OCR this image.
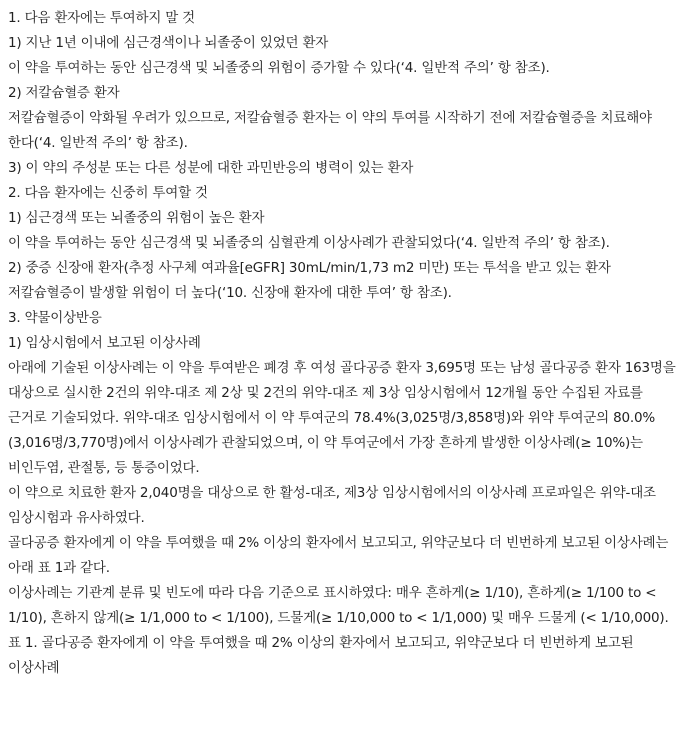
1. 다음 환자에는 투여하지 말 것

1) 지난 1년 이내에 심근경색이나 뇌졸중이 있었던 환자

이 약을 투여하는 동안 심근경색 및 뇌졸중의 위험이 증가할 수 있다(‘4. 일반적 주의’ 항 참조).

2) 저칼슘혈증 환자

저칼슘혈증이 악화될 우려가 있으므로, 저칼슘혈증 환자는 이 약의 투여를 시작하기 전에 저칼슘혈증을 치료해야 한다(‘4. 일반적 주의’ 항 참조).

3) 이 약의 주성분 또는 다른 성분에 대한 과민반응의 병력이 있는 환자

2. 다음 환자에는 신중히 투여할 것

1) 심근경색 또는 뇌졸중의 위험이 높은 환자

이 약을 투여하는 동안 심근경색 및 뇌졸중의 심혈관계 이상사례가 관찰되었다(‘4. 일반적 주의’ 항 참조).

2) 중증 신장애 환자(추정 사구체 여과율[eGFR] 30mL/min/1,73 m2 미만) 또는 투석을 받고 있는 환자 저칼슘혈증이 발생할 위험이 더 높다(‘10. 신장애 환자에 대한 투여’ 항 참조).

3. 약물이상반응

1) 임상시험에서 보고된 이상사례

아래에 기술된 이상사례는 이 약을 투여받은 폐경 후 여성 골다공증 환자 3,695명 또는 남성 골다공증 환자 163명을 대상으로 실시한 2건의 위약-대조 제 2상 및 2건의 위약-대조 제 3상 임상시험에서 12개월 동안 수집된 자료를 근거로 기술되었다. 위약-대조 임상시험에서 이 약 투여군의 78.4%(3,025명/3,858명)와 위약 투여군의 80.0%(3,016명/3,770명)에서 이상사례가 관찰되었으며, 이 약 투여군에서 가장 흔하게 발생한 이상사례(≥ 10%)는 비인두염, 관절통, 등 통증이었다.

이 약으로 치료한 환자 2,040명을 대상으로 한 활성-대조, 제3상 임상시험에서의 이상사례 프로파일은 위약-대조 임상시험과 유사하였다.

골다공증 환자에게 이 약을 투여했을 때 2% 이상의 환자에서 보고되고, 위약군보다 더 빈번하게 보고된 이상사례는 아래 표 1과 같다.

이상사례는 기관계 분류 및 빈도에 따라 다음 기준으로 표시하였다: 매우 흔하게(≥ 1/10), 흔하게(≥ 1/100 to < 1/10), 흔하지 않게(≥ 1/1,000 to < 1/100), 드물게(≥ 1/10,000 to < 1/1,000) 및 매우 드물게 (< 1/10,000).

표 1. 골다공증 환자에게 이 약을 투여했을 때 2% 이상의 환자에서 보고되고, 위약군보다 더 빈번하게 보고된 이상사례
